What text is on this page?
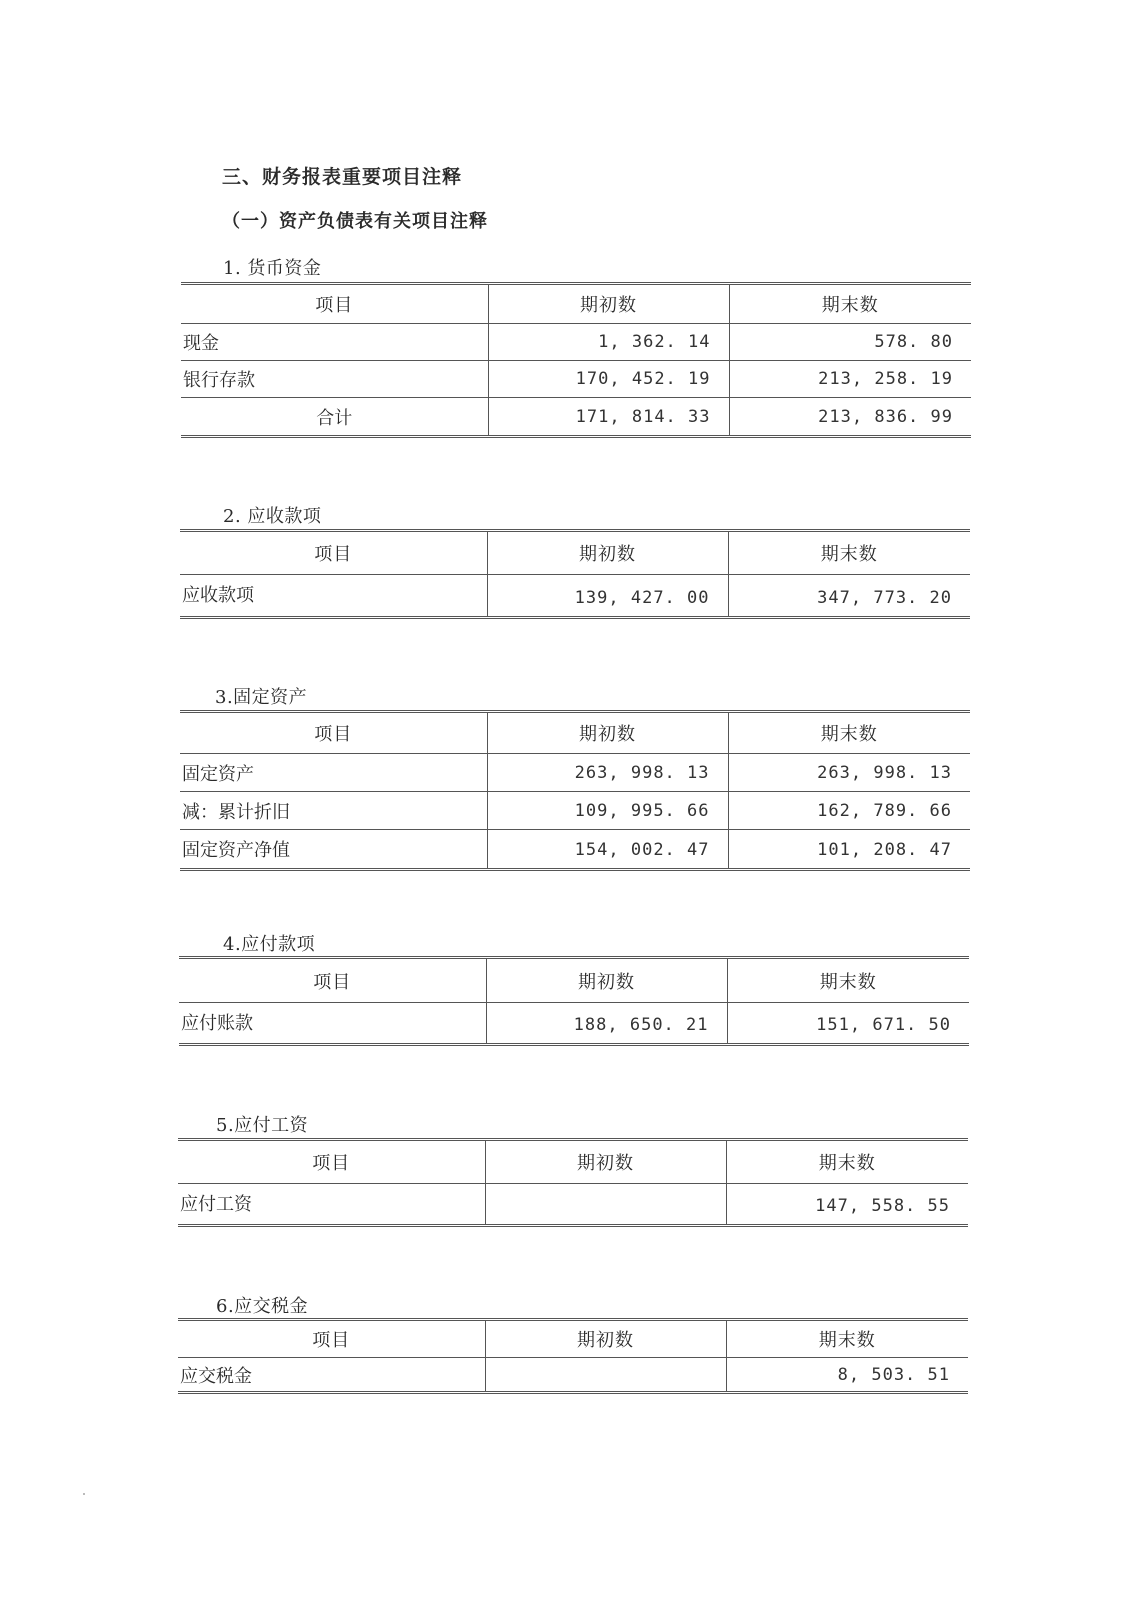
三、财务报表重要项目注释
（一）资产负债表有关项目注释
1. 货币资金
项目	期初数	期末数
现金	1, 362. 14	578. 80
银行存款	170, 452. 19	213, 258. 19
合计	171, 814. 33	213, 836. 99
2. 应收款项
项目	期初数	期末数
应收款项	139, 427. 00	347, 773. 20
3.固定资产
项目	期初数	期末数
固定资产	263, 998. 13	263, 998. 13
减：累计折旧	109, 995. 66	162, 789. 66
固定资产净值	154, 002. 47	101, 208. 47
4.应付款项
项目	期初数	期末数
应付账款	188, 650. 21	151, 671. 50
5.应付工资
项目	期初数	期末数
应付工资		147, 558. 55
6.应交税金
项目	期初数	期末数
应交税金		8, 503. 51
